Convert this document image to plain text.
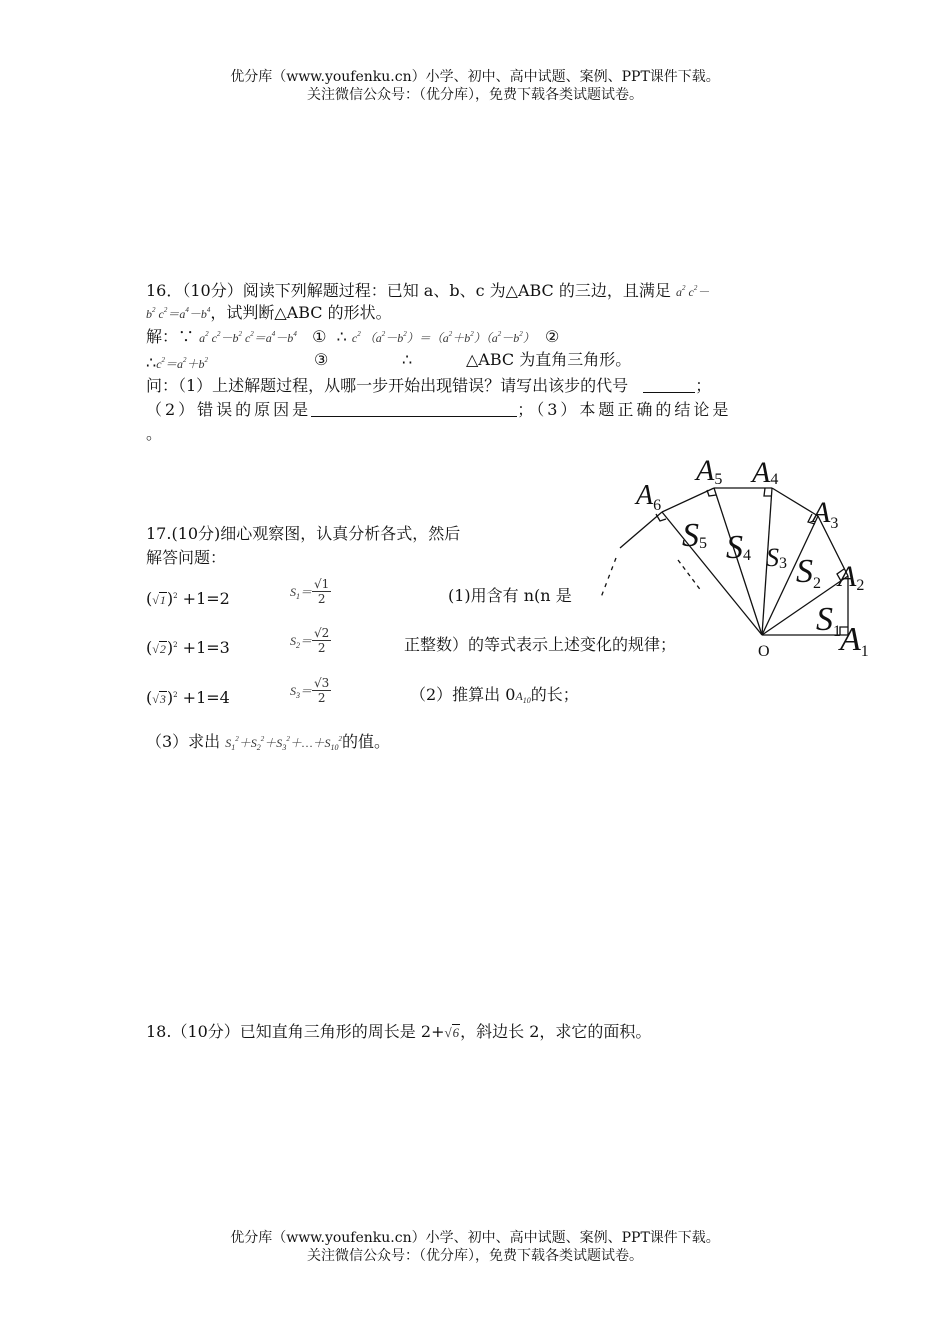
优分库（www.youfenku.cn）小学、初中、高中试题、案例、PPT课件下载。
关注微信公众号：（优分库），免费下载各类试题试卷。
16．（10分）阅读下列解题过程：已知 a、b、c 为△ABC 的三边，且满足 $a^2$ $c^2-$
$b^2$ $c^2=a^4-b^4$，试判断△ABC 的形状。
解：∵ $a^2$ $c^2-b^2$ $c^2=a^4-b^4$ ① ∴ $c^2$ $(a^2-b^2)=(a^2+b^2)(a^2-b^2)$ ②
$\therefore c^2=a^2+b^2$	③	∴	△ABC 为直角三角形。
问：（1）上述解题过程，从哪一步开始出现错误？请写出该步的代号	；
（2）错误的原因是	；（3）本题正确的结论是
。
17.(10分)细心观察图，认真分析各式，然后
解答问题：
$(√1)^2 +1=2$	$S_1= \frac{√1}{2}$	(1)用含有 n(n 是
$(√2)^2 +1=3$	$S_2= \frac{√2}{2}$	正整数）的等式表示上述变化的规律；
$(√3)^2 +1=4$	$S_3= \frac{√3}{2}$	（2）推算出 $0A_{10}$的长；
（3）求出 $S_1^2+S_2^2+S_3^2+\dots+S_{10}^2$的值。
A1
A2
$A_3$
A4
A5
$A_6$
S1
S2
S3
S4
S5
O
18.（10分）已知直角三角形的周长是 2+√6，斜边长 2，求它的面积。
优分库（www.youfenku.cn）小学、初中、高中试题、案例、PPT课件下载。
关注微信公众号：（优分库），免费下载各类试题试卷。
